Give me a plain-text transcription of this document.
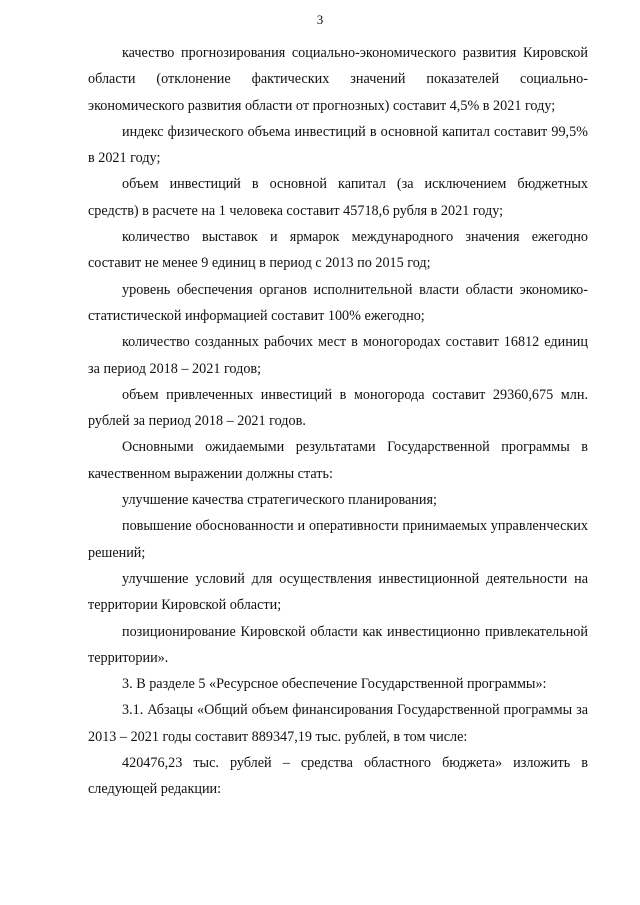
3

качество прогнозирования социально-экономического развития Кировской области (отклонение фактических значений показателей социально-экономического развития области от прогнозных) составит 4,5% в 2021 году;

индекс физического объема инвестиций в основной капитал составит 99,5% в 2021 году;

объем инвестиций в основной капитал (за исключением бюджетных средств) в расчете на 1 человека составит 45718,6 рубля в 2021 году;

количество выставок и ярмарок международного значения ежегодно составит не менее 9 единиц в период с 2013 по 2015 год;

уровень обеспечения органов исполнительной власти области экономико-статистической информацией составит 100% ежегодно;

количество созданных рабочих мест в моногородах составит 16812 единиц за период 2018 – 2021 годов;

объем привлеченных инвестиций в моногорода составит 29360,675 млн. рублей за период 2018 – 2021 годов.

Основными ожидаемыми результатами Государственной программы в качественном выражении должны стать:

улучшение качества стратегического планирования;

повышение обоснованности и оперативности принимаемых управленческих решений;

улучшение условий для осуществления инвестиционной деятельности на территории Кировской области;

позиционирование Кировской области как инвестиционно привлекательной территории».

3. В разделе 5 «Ресурсное обеспечение Государственной программы»:

3.1. Абзацы «Общий объем финансирования Государственной программы за 2013 – 2021 годы составит 889347,19 тыс. рублей, в том числе:

420476,23 тыс. рублей – средства областного бюджета» изложить в следующей редакции:
